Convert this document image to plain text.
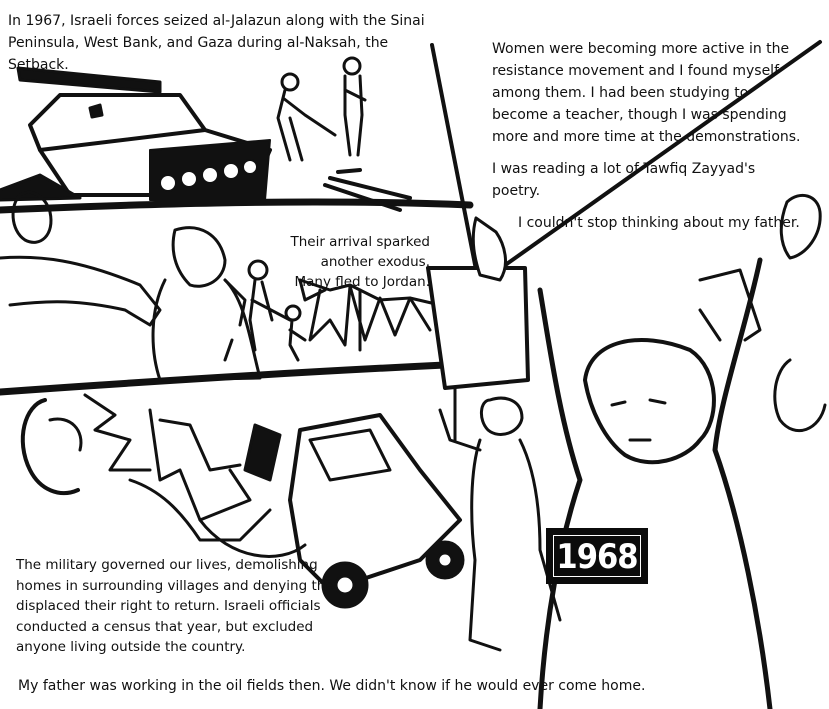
In 1967, Israeli forces seized al-Jalazun along with the Sinai Peninsula, West Bank, and Gaza during al-Naksah, the Setback.

Their arrival sparked another exodus.

Many fled to Jordan.

Women were becoming more active in the resistance movement and I found myself among them. I had been studying to become a teacher, though I was spending more and more time at the demonstrations.

I was reading a lot of Tawfiq Zayyad's poetry.

I couldn't stop thinking about my father.

The military governed our lives, demolishing homes in surrounding villages and denying the displaced their right to return. Israeli officials conducted a census that year, but excluded anyone living outside the country.
1968
My father was working in the oil fields then. We didn't know if he would ever come home.
